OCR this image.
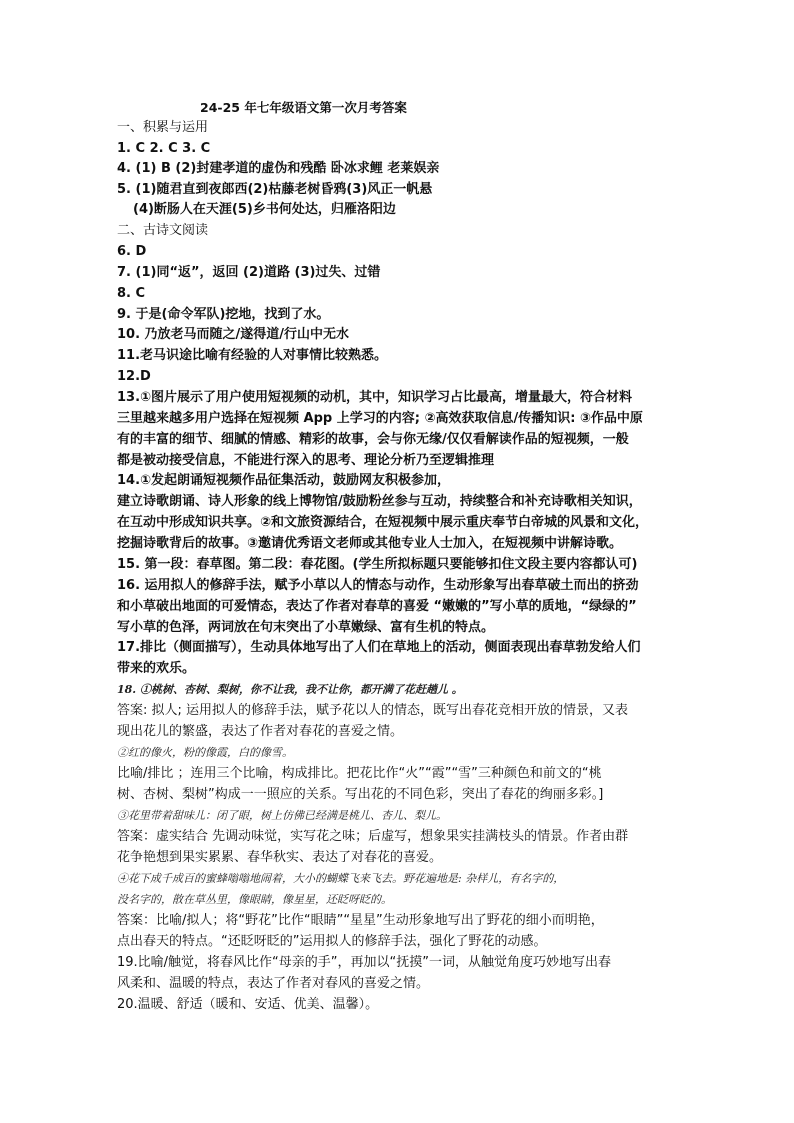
24-25 年七年级语文第一次月考答案
一、积累与运用
1. C 2. C 3. C
4. (1) B (2)封建孝道的虚伪和残酷 卧冰求鲤 老莱娱亲
5. (1)随君直到夜郎西(2)枯藤老树昏鸦(3)风正一帆悬
(4)断肠人在天涯(5)乡书何处达，归雁洛阳边
二、古诗文阅读
6. D
7. (1)同“返”，返回 (2)道路 (3)过失、过错
8. C
9. 于是(命令军队)挖地，找到了水。
10. 乃放老马而随之/遂得道/行山中无水
11.老马识途比喻有经验的人对事情比较熟悉。
12.D
13.①图片展示了用户使用短视频的动机，其中，知识学习占比最高，增量最大，符合材料
三里越来越多用户选择在短视频 App 上学习的内容; ②高效获取信息/传播知识: ③作品中原
有的丰富的细节、细腻的情感、精彩的故事，会与你无缘/仅仅看解读作品的短视频，一般
都是被动接受信息，不能进行深入的思考、理论分析乃至逻辑推理
14.①发起朗诵短视频作品征集活动，鼓励网友积极参加，
建立诗歌朗诵、诗人形象的线上博物馆/鼓励粉丝参与互动，持续整合和补充诗歌相关知识，
在互动中形成知识共享。②和文旅资源结合，在短视频中展示重庆奉节白帝城的风景和文化，
挖掘诗歌背后的故事。③邀请优秀语文老师或其他专业人士加入，在短视频中讲解诗歌。
15. 第一段：春草图。第二段：春花图。(学生所拟标题只要能够扣住文段主要内容都认可)
16. 运用拟人的修辞手法，赋予小草以人的情态与动作，生动形象写出春草破土而出的挤劲
和小草破出地面的可爱情态，表达了作者对春草的喜爱 “嫩嫩的”写小草的质地，“绿绿的”
写小草的色泽，两词放在句末突出了小草嫩绿、富有生机的特点。
17.排比（侧面描写），生动具体地写出了人们在草地上的活动，侧面表现出春草勃发给人们
带来的欢乐。
18. ①桃树、杏树、梨树，你不让我，我不让你，都开满了花赶趟儿 。
答案: 拟人; 运用拟人的修辞手法，赋予花以人的情态，既写出春花竞相开放的情景，又表
现出花儿的繁盛，表达了作者对春花的喜爱之情。
②红的像火，粉的像霞，白的像雪。
比喻/排比 ；连用三个比喻，构成排比。把花比作“火”“霞”“雪”三种颜色和前文的“桃
树、杏树、梨树”构成一一照应的关系。写出花的不同色彩，突出了春花的绚丽多彩。]
③花里带着甜味儿：闭了眼，树上仿佛已经满是桃儿、杏儿、梨儿。
答案：虚实结合 先调动味觉，实写花之味；后虚写，想象果实挂满枝头的情景。作者由群
花争艳想到果实累累、春华秋实、表达了对春花的喜爱。
④花下成千成百的蜜蜂嗡嗡地闹着，大小的蝴蝶飞来飞去。野花遍地是: 杂样儿，有名字的，
没名字的，散在草丛里，像眼睛，像星星，还眨呀眨的。
答案：比喻/拟人；将“野花”比作“眼睛”“星星”生动形象地写出了野花的细小而明艳，
点出春天的特点。“还眨呀眨的”运用拟人的修辞手法，强化了野花的动感。
19.比喻/触觉，将春风比作“母亲的手”，再加以“抚摸”一词，从触觉角度巧妙地写出春
风柔和、温暖的特点，表达了作者对春风的喜爱之情。
20.温暖、舒适（暖和、安适、优美、温馨）。
